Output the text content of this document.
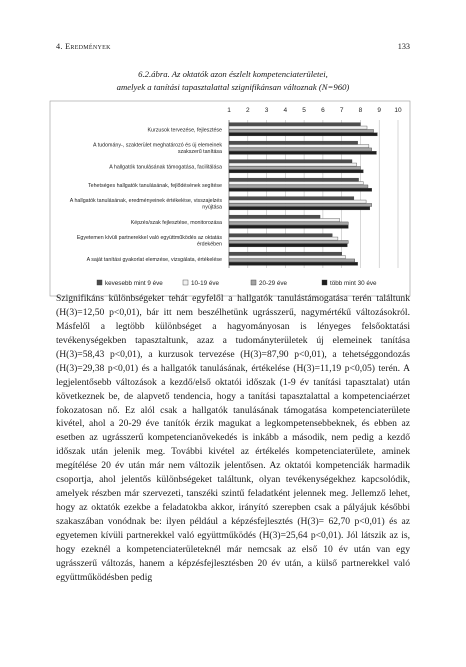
4. Eredmények	133
6.2.ábra. Az oktatók azon észlelt kompetenciaterületei,
amelyek a tanítási tapasztalattal szignifikánsan változnak (N=960)
1 2 3 4 5 6 7 8 9 10
Kurzusok tervezése, fejlesztése
A tudomány-, szakterület meghatározó és új elemeinek
szakszerű tanítása
A hallgatók tanulásának támogatása, facilitálása
Tehetséges hallgatók tanulásának, fejlődésének segítése
A hallgatók tanulásának, eredményeinek értékelése, visszajelzés
nyújtása
Képzés/szak fejlesztése, monitorozása
Egyetemen kívüli partnerekkel való együttműködés az oktatás
érdekében
A saját tanítási gyakorlat elemzése, vizsgálata, értékelése
kevesebb mint 9 éve	10-19 éve	20-29 éve	több mint 30 éve

Szignifikáns különbségeket tehát egyfelől a hallgatók tanulástámogatása terén találtunk (H(3)=12,50 p<0,01), bár itt nem beszélhetünk ugrásszerű, nagymértékű változásokról. Másfelől a legtöbb különbséget a hagyományosan is lényeges felsőoktatási tevékenységekben tapasztaltunk, azaz a tudományterületek új elemeinek tanítása (H(3)=58,43 p<0,01), a kurzusok tervezése (H(3)=87,90 p<0,01), a tehetséggondozás (H(3)=29,38 p<0,01) és a hallgatók tanulásának, értékelése (H(3)=11,19 p<0,05) terén. A legjelentősebb változások a kezdő/első oktatói időszak (1-9 év tanítási tapasztalat) után következnek be, de alapvető tendencia, hogy a tanítási tapasztalattal a kompetenciaérzet fokozatosan nő. Ez alól csak a hallgatók tanulásának támogatása kompetenciaterülete kivétel, ahol a 20-29 éve tanítók érzik magukat a legkompetensebbeknek, és ebben az esetben az ugrásszerű kompetencianövekedés is inkább a második, nem pedig a kezdő időszak után jelenik meg. További kivétel az értékelés kompetenciaterülete, aminek megítélése 20 év után már nem változik jelentősen. Az oktatói kompetenciák harmadik csoportja, ahol jelentős különbségeket találtunk, olyan tevékenységekhez kapcsolódik, amelyek részben már szervezeti, tanszéki szintű feladatként jelennek meg. Jellemző lehet, hogy az oktatók ezekbe a feladatokba akkor, irányító szerepben csak a pályájuk későbbi szakaszában vonódnak be: ilyen például a képzésfejlesztés (H(3)= 62,70 p<0,01) és az egyetemen kívüli partnerekkel való együttműködés (H(3)=25,64 p<0,01). Jól látszik az is, hogy ezeknél a kompetenciaterületeknél már nemcsak az első 10 év után van egy ugrásszerű változás, hanem a képzésfejlesztésben 20 év után, a külső partnerekkel való együttműködésben pedig
